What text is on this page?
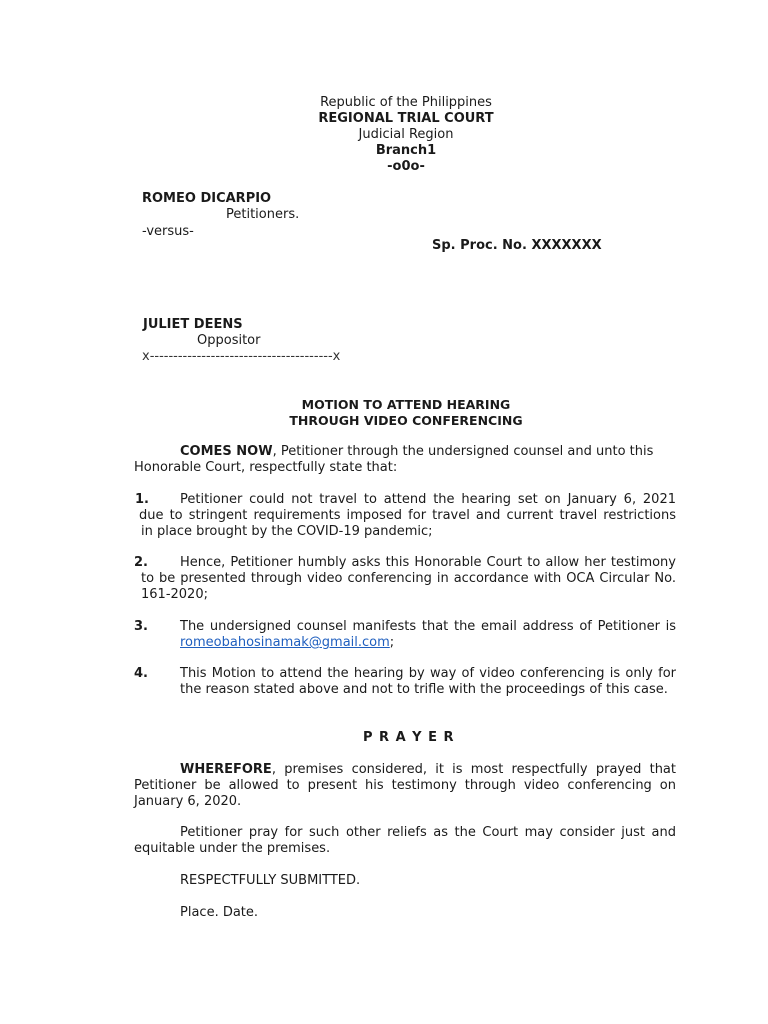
Republic of the Philippines
REGIONAL TRIAL COURT
Judicial Region
Branch1
-o0o-
ROMEO DICARPIO
Petitioners.
-versus-
Sp. Proc. No. XXXXXXX
JULIET DEENS
Oppositor
x---------------------------------------x
MOTION TO ATTEND HEARING
THROUGH VIDEO CONFERENCING
COMES NOW, Petitioner through the undersigned counsel and unto this
Honorable Court, respectfully state that:
1. Petitioner could not travel to attend the hearing set on January 6, 2021
due to stringent requirements imposed for travel and current travel restrictions
in place brought by the COVID-19 pandemic;
2. Hence, Petitioner humbly asks this Honorable Court to allow her testimony
to be presented through video conferencing in accordance with OCA Circular No.
161-2020;
3. The undersigned counsel manifests that the email address of Petitioner is
romeobahosinamak@gmail.com;
4. This Motion to attend the hearing by way of video conferencing is only for
the reason stated above and not to trifle with the proceedings of this case.
P R A Y E R
WHEREFORE, premises considered, it is most respectfully prayed that
Petitioner be allowed to present his testimony through video conferencing on
January 6, 2020.
Petitioner pray for such other reliefs as the Court may consider just and
equitable under the premises.
RESPECTFULLY SUBMITTED.
Place. Date.
